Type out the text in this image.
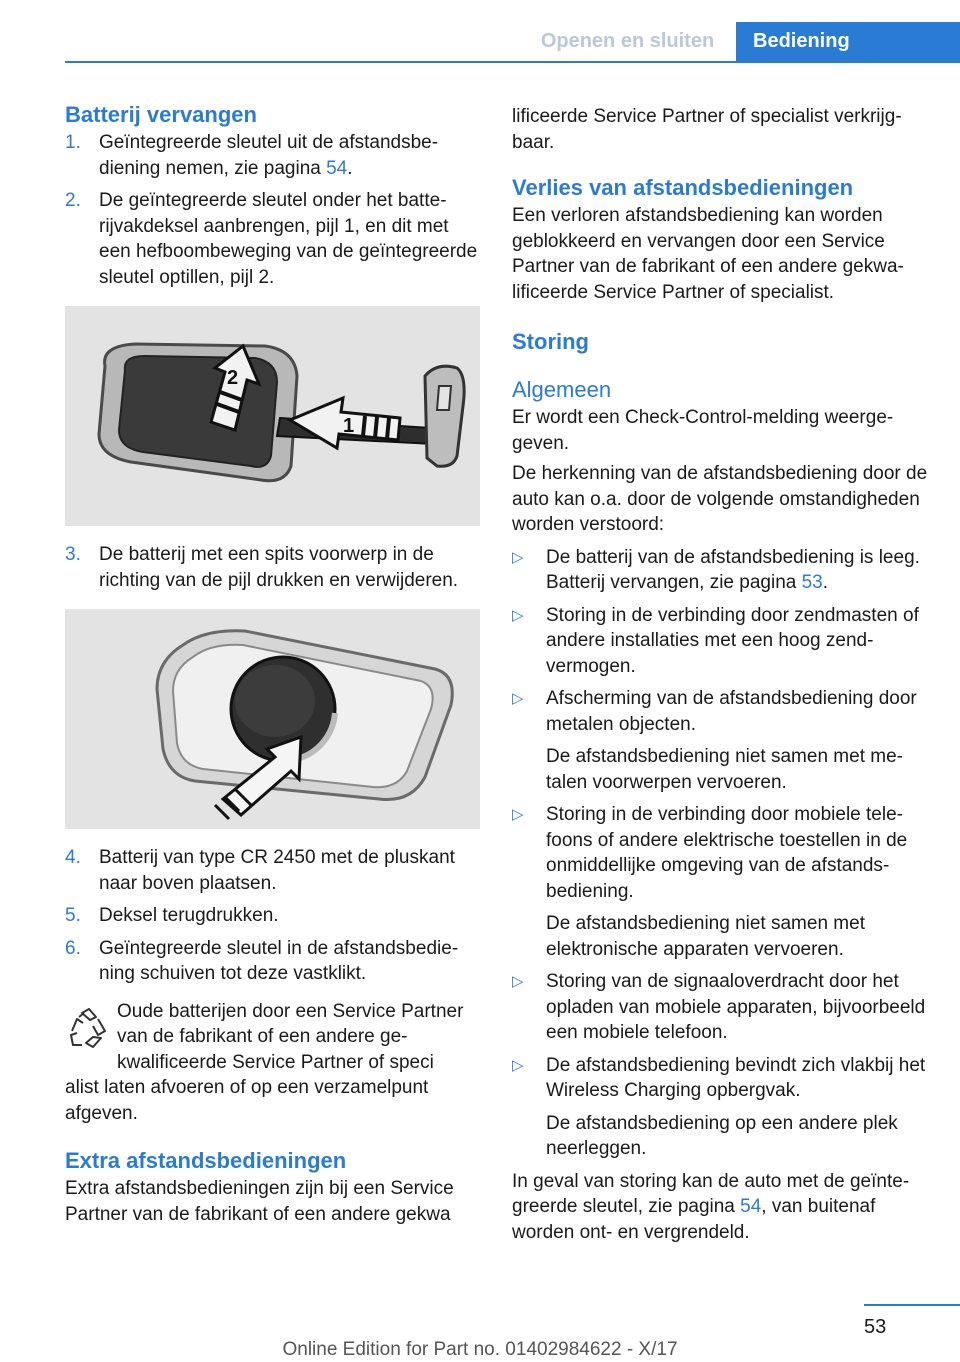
Openen en sluiten	Bediening
Batterij vervangen
1. Geïntegreerde sleutel uit de afstandsbediening nemen, zie pagina 54.
2. De geïntegreerde sleutel onder het batterijvakdeksel aanbrengen, pijl 1, en dit met een hefboombeweging van de geïntegreerde sleutel optillen, pijl 2.
1
2
3. De batterij met een spits voorwerp in de richting van de pijl drukken en verwijderen.
4. Batterij van type CR 2450 met de pluskant naar boven plaatsen.
5. Deksel terugdrukken.
6. Geïntegreerde sleutel in de afstandsbediening schuiven tot deze vastklikt.

Oude batterijen door een Service Partner van de fabrikant of een andere gekwalificeerde Service Partner of speci

alist laten afvoeren of op een verzamelpunt afgeven.

Extra afstandsbedieningen

Extra afstandsbedieningen zijn bij een Service Partner van de fabrikant of een andere gekwa

lificeerde Service Partner of specialist verkrijgbaar.

Verlies van afstandsbedieningen

Een verloren afstandsbediening kan worden geblokkeerd en vervangen door een Service Partner van de fabrikant of een andere gekwalificeerde Service Partner of specialist.

Storing
Algemeen

Er wordt een Check-Control-melding weergegeven.

De herkenning van de afstandsbediening door de auto kan o.a. door de volgende omstandigheden worden verstoord:

▷ De batterij van de afstandsbediening is leeg. Batterij vervangen, zie pagina 53.
▷ Storing in de verbinding door zendmasten of andere installaties met een hoog zendvermogen.
▷ Afscherming van de afstandsbediening door metalen objecten.
De afstandsbediening niet samen met metalen voorwerpen vervoeren.
▷ Storing in de verbinding door mobiele telefoons of andere elektrische toestellen in de onmiddellijke omgeving van de afstandsbediening.
De afstandsbediening niet samen met elektronische apparaten vervoeren.
▷ Storing van de signaaloverdracht door het opladen van mobiele apparaten, bijvoorbeeld een mobiele telefoon.
▷ De afstandsbediening bevindt zich vlakbij het Wireless Charging opbergvak.
De afstandsbediening op een andere plek neerleggen.

In geval van storing kan de auto met de geïntegreerde sleutel, zie pagina 54, van buitenaf worden ont- en vergrendeld.

53
Online Edition for Part no. 01402984622 - X/17
